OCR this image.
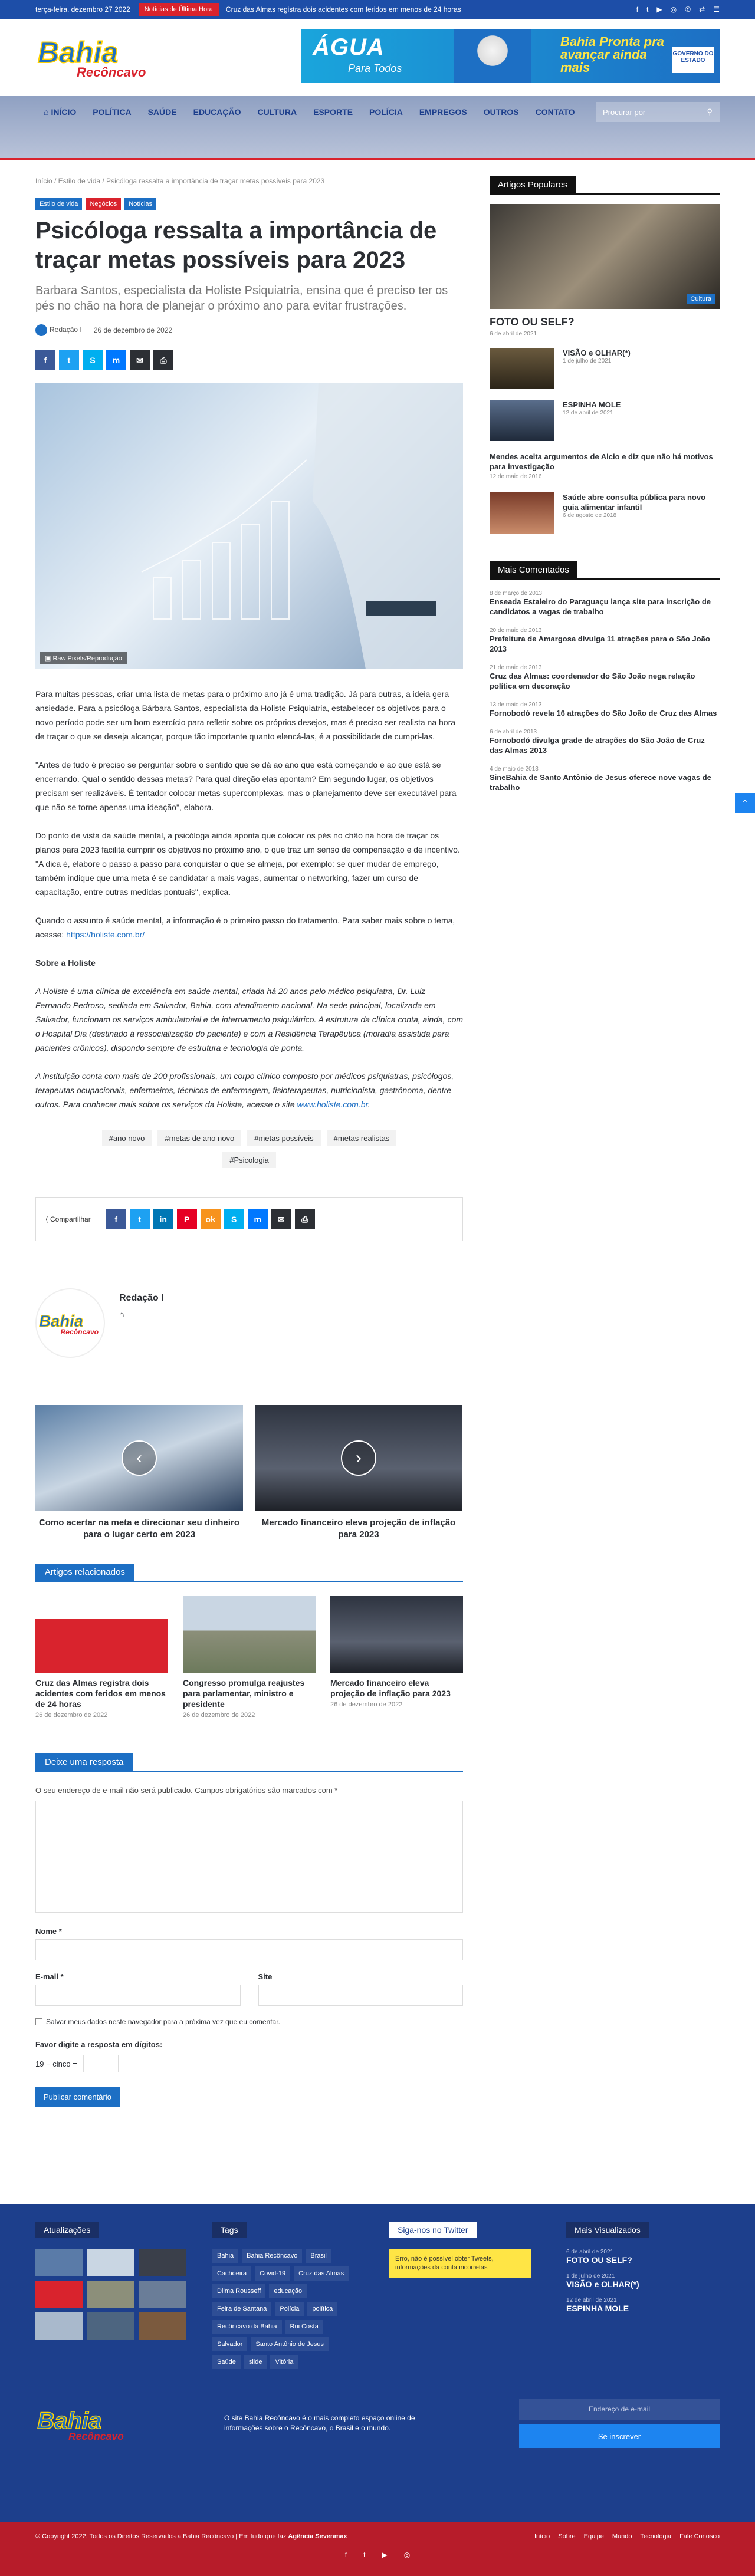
terça-feira, dezembro 27 2022	Notícias de Última Hora	Cruz das Almas registra dois acidentes com feridos em menos de 24 horas	f t ▶ ◎ ✆ ⇄ ☰
Bahia
Recôncavo
ÁGUA
Para Todos
Bahia Pronta pra avançar ainda mais
GOVERNO DO ESTADO
⌂ INÍCIO	POLÍTICA	SAÚDE	EDUCAÇÃO	CULTURA	ESPORTE	POLÍCIA	EMPREGOS	OUTROS	CONTATO	Procurar por	⚲
Início / Estilo de vida / Psicóloga ressalta a importância de traçar metas possíveis para 2023
Estilo de vida	Negócios	Notícias
Psicóloga ressalta a importância de traçar metas possíveis para 2023
Barbara Santos, especialista da Holiste Psiquiatria, ensina que é preciso ter os pés no chão na hora de planejar o próximo ano para evitar frustrações.
Redação I 26 de dezembro de 2022
f	t	S	m	✉	⎙
▣ Raw Pixels/Reprodução

Para muitas pessoas, criar uma lista de metas para o próximo ano já é uma tradição. Já para outras, a ideia gera ansiedade. Para a psicóloga Bárbara Santos, especialista da Holiste Psiquiatria, estabelecer os objetivos para o novo período pode ser um bom exercício para refletir sobre os próprios desejos, mas é preciso ser realista na hora de traçar o que se deseja alcançar, porque tão importante quanto elencá-las, é a possibilidade de cumpri-las.

"Antes de tudo é preciso se perguntar sobre o sentido que se dá ao ano que está começando e ao que está se encerrando. Qual o sentido dessas metas? Para qual direção elas apontam? Em segundo lugar, os objetivos precisam ser realizáveis. É tentador colocar metas supercomplexas, mas o planejamento deve ser executável para que não se torne apenas uma ideação", elabora.

Do ponto de vista da saúde mental, a psicóloga ainda aponta que colocar os pés no chão na hora de traçar os planos para 2023 facilita cumprir os objetivos no próximo ano, o que traz um senso de compensação e de incentivo. "A dica é, elabore o passo a passo para conquistar o que se almeja, por exemplo: se quer mudar de emprego, também indique que uma meta é se candidatar a mais vagas, aumentar o networking, fazer um curso de capacitação, entre outras medidas pontuais", explica.

Quando o assunto é saúde mental, a informação é o primeiro passo do tratamento. Para saber mais sobre o tema, acesse: https://holiste.com.br/

Sobre a Holiste

A Holiste é uma clínica de excelência em saúde mental, criada há 20 anos pelo médico psiquiatra, Dr. Luiz Fernando Pedroso, sediada em Salvador, Bahia, com atendimento nacional. Na sede principal, localizada em Salvador, funcionam os serviços ambulatorial e de internamento psiquiátrico. A estrutura da clínica conta, ainda, com o Hospital Dia (destinado à ressocialização do paciente) e com a Residência Terapêutica (moradia assistida para pacientes crônicos), dispondo sempre de estrutura e tecnologia de ponta.

A instituição conta com mais de 200 profissionais, um corpo clínico composto por médicos psiquiatras, psicólogos, terapeutas ocupacionais, enfermeiros, técnicos de enfermagem, fisioterapeutas, nutricionista, gastrônoma, dentre outros. Para conhecer mais sobre os serviços da Holiste, acesse o site www.holiste.com.br.

#ano novo	#metas de ano novo	#metas possíveis	#metas realistas
#Psicologia
⟨ Compartilhar	f	t	in	P	ok	S	m	✉	⎙
Bahia
Recôncavo
Redação I
⌂
‹
Como acertar na meta e direcionar seu dinheiro para o lugar certo em 2023
›
Mercado financeiro eleva projeção de inflação para 2023
Artigos relacionados
Cruz das Almas registra dois acidentes com feridos em menos de 24 horas
26 de dezembro de 2022
Congresso promulga reajustes para parlamentar, ministro e presidente
26 de dezembro de 2022
Mercado financeiro eleva projeção de inflação para 2023
26 de dezembro de 2022
Deixe uma resposta
O seu endereço de e-mail não será publicado. Campos obrigatórios são marcados com *
Nome *
E-mail *	Site
Salvar meus dados neste navegador para a próxima vez que eu comentar.
Favor digite a resposta em dígitos:
19 − cinco =
Publicar comentário
Artigos Populares
Cultura
FOTO OU SELF?
6 de abril de 2021
VISÃO e OLHAR(*)
1 de julho de 2021
ESPINHA MOLE
12 de abril de 2021
Mendes aceita argumentos de Alcio e diz que não há motivos para investigação
12 de maio de 2016
Saúde abre consulta pública para novo guia alimentar infantil
6 de agosto de 2018
Mais Comentados
8 de março de 2013
Enseada Estaleiro do Paraguaçu lança site para inscrição de candidatos a vagas de trabalho
20 de maio de 2013
Prefeitura de Amargosa divulga 11 atrações para o São João 2013
21 de maio de 2013
Cruz das Almas: coordenador do São João nega relação política em decoração
13 de maio de 2013
Fornobodó revela 16 atrações do São João de Cruz das Almas
6 de abril de 2013
Fornobodó divulga grade de atrações do São João de Cruz das Almas 2013
4 de maio de 2013
SineBahia de Santo Antônio de Jesus oferece nove vagas de trabalho
⌃
Atualizações	Tags
Bahia	Bahia Recôncavo	Brasil
Cachoeira	Covid-19	Cruz das Almas
Dilma Rousseff	educação
Feira de Santana	Polícia	política
Recôncavo da Bahia	Rui Costa
Salvador	Santo Antônio de Jesus
Saúde	slide	Vitória
Siga-nos no Twitter
Erro, não é possível obter Tweets, informações da conta incorretas
Mais Visualizados
6 de abril de 2021
FOTO OU SELF?
1 de julho de 2021
VISÃO e OLHAR(*)
12 de abril de 2021
ESPINHA MOLE
Bahia
Recôncavo
O site Bahia Recôncavo é o mais completo espaço online de informações sobre o Recôncavo, o Brasil e o mundo.
Endereço de e-mail
Se inscrever
© Copyright 2022, Todos os Direitos Reservados a Bahia Recôncavo | Em tudo que faz Agência Sevenmax	Início Sobre Equipe Mundo Tecnologia Fale Conosco
f t ▶ ◎
